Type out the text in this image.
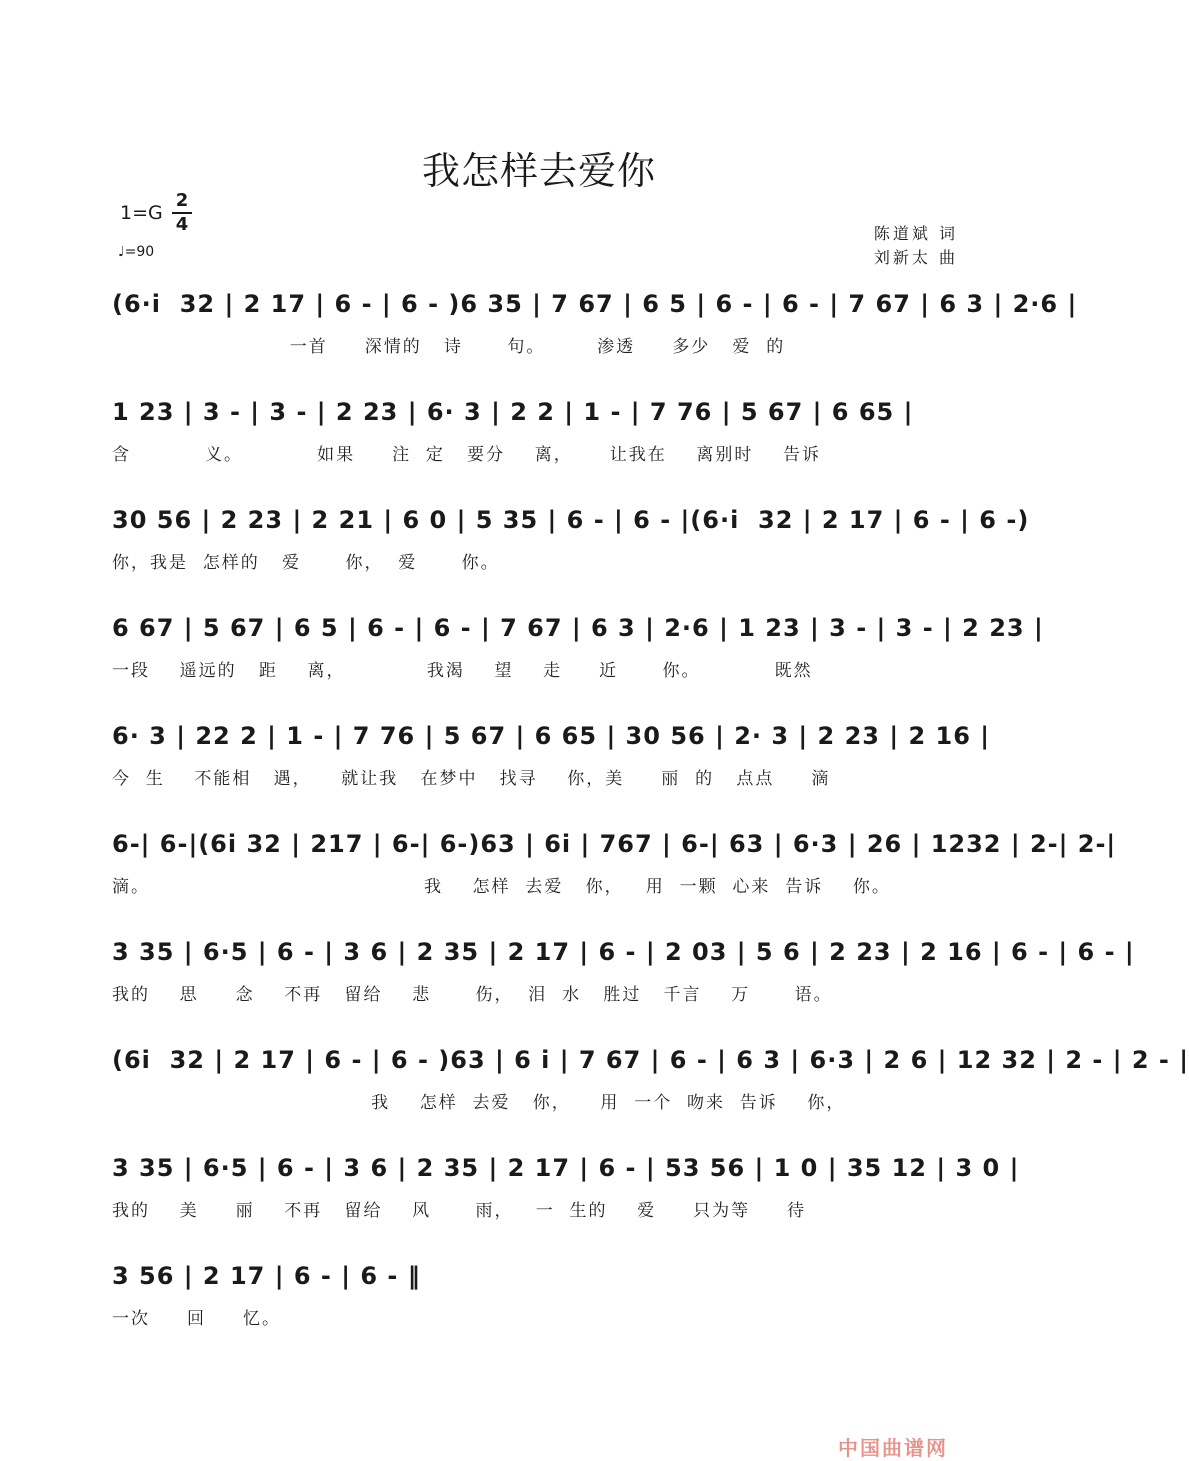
我怎样去爱你
1=G
2
4
♩=90
陈道斌 词
刘新太 曲
(6·i  32 | 2 17 | 6 - | 6 - )6 35 | 7 67 | 6 5 | 6 - | 6 - | 7 67 | 6 3 | 2·6 |
一首     深情的   诗      句。       渗透     多少   爱  的
1 23 | 3 - | 3 - | 2 23 | 6· 3 | 2 2 | 1 - | 7 76 | 5 67 | 6 65 |
含          义。          如果     注  定   要分    离，     让我在    离别时    告诉
30 56 | 2 23 | 2 21 | 6 0 | 5 35 | 6 - | 6 - |(6·i  32 | 2 17 | 6 - | 6 -)
你，我是  怎样的   爱      你，  爱      你。
6 67 | 5 67 | 6 5 | 6 - | 6 - | 7 67 | 6 3 | 2·6 | 1 23 | 3 - | 3 - | 2 23 |
一段    遥远的   距    离，           我渴    望    走     近      你。          既然
6· 3 | 22 2 | 1 - | 7 76 | 5 67 | 6 65 | 30 56 | 2· 3 | 2 23 | 2 16 |
今  生    不能相   遇，    就让我   在梦中   找寻    你，美     丽  的   点点     滴
6-| 6-|(6i 32 | 217 | 6-| 6-)63 | 6i | 767 | 6-| 63 | 6·3 | 26 | 1232 | 2-| 2-|
滴。                                     我    怎样  去爱   你，   用  一颗  心来  告诉    你。
3 35 | 6·5 | 6 - | 3 6 | 2 35 | 2 17 | 6 - | 2 03 | 5 6 | 2 23 | 2 16 | 6 - | 6 - |
我的    思     念    不再   留给    悲      伤，  泪  水   胜过   千言    万      语。
(6i  32 | 2 17 | 6 - | 6 - )63 | 6 i | 7 67 | 6 - | 6 3 | 6·3 | 2 6 | 12 32 | 2 - | 2 - |
我    怎样  去爱   你，    用  一个  吻来  告诉    你，
3 35 | 6·5 | 6 - | 3 6 | 2 35 | 2 17 | 6 - | 53 56 | 1 0 | 35 12 | 3 0 |
我的    美     丽    不再   留给    风      雨，   一  生的    爱     只为等     待
3 56 | 2 17 | 6 - | 6 - ‖
一次     回     忆。
中国曲谱网
